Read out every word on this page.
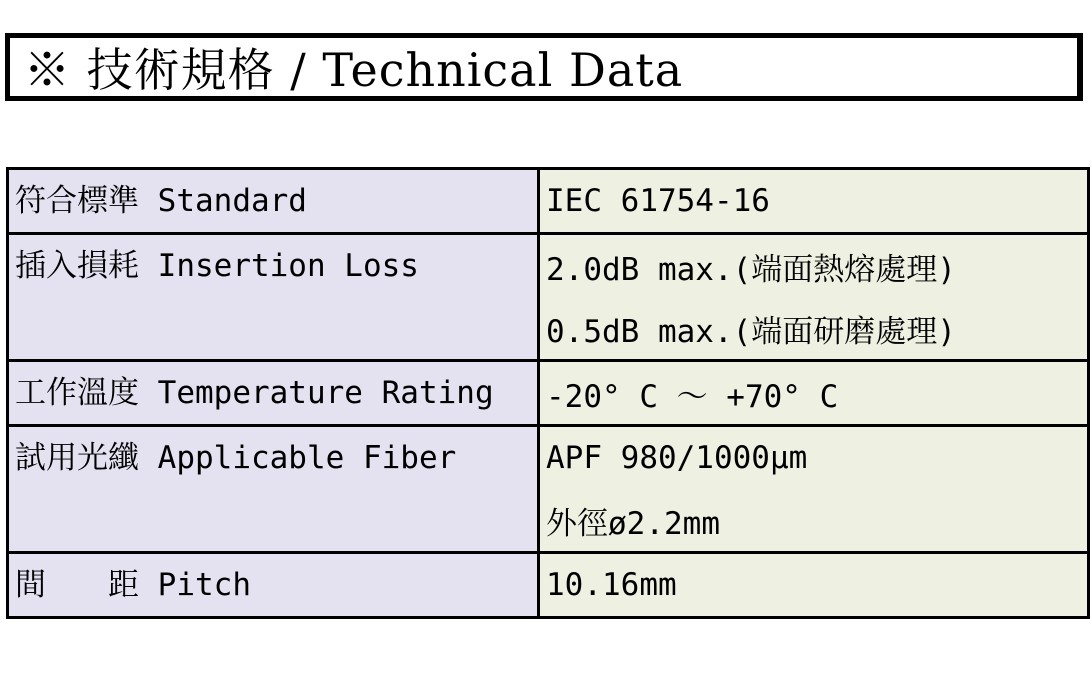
※ 技術規格 / Technical Data
符合標準 Standard	IEC 61754-16

插入損耗 Insertion Loss	2.0dB max.(端面熱熔處理)
	0.5dB max.(端面研磨處理)

工作溫度 Temperature Rating	-20° C ～ +70° C

試用光纖 Applicable Fiber	APF 980/1000μm
	外徑ø2.2mm

間 距 Pitch	10.16mm
